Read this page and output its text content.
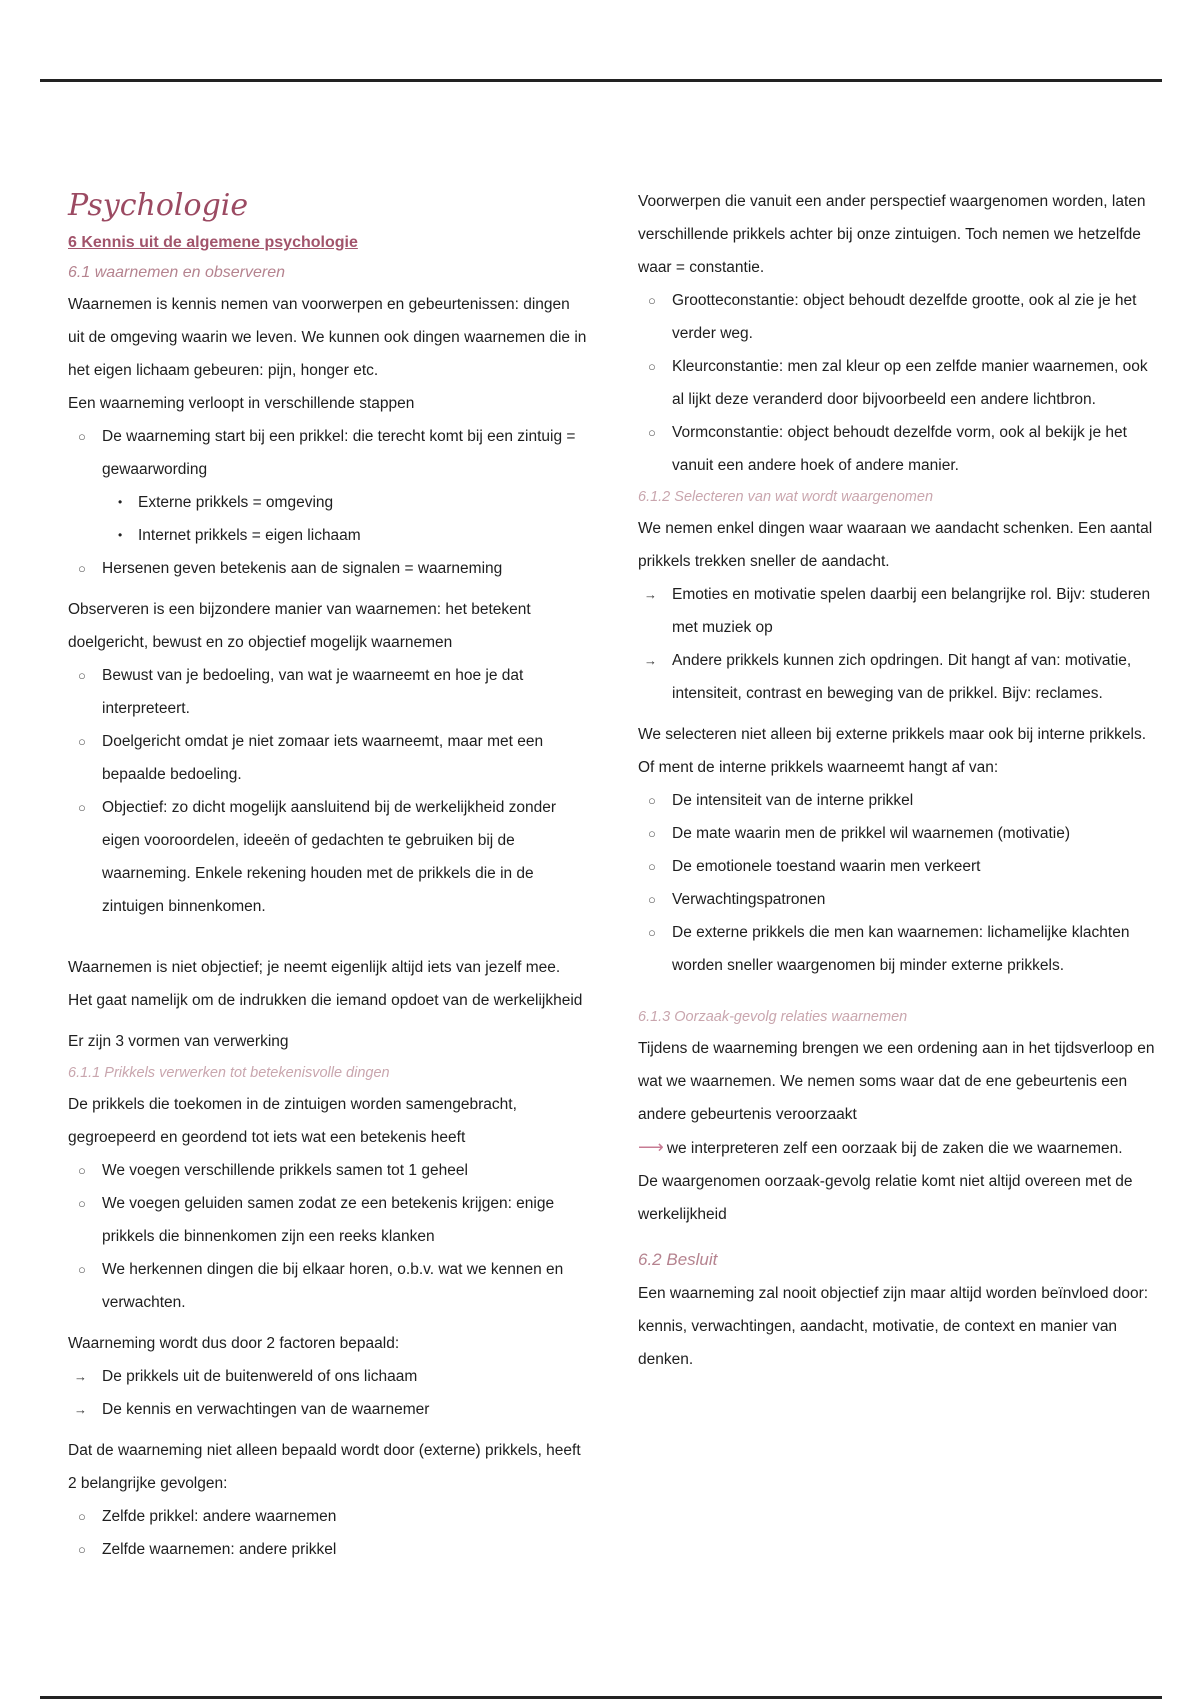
Psychologie

6 Kennis uit de algemene psychologie

6.1 waarnemen en observeren

Waarnemen is kennis nemen van voorwerpen en gebeurtenissen: dingen uit de omgeving waarin we leven. We kunnen ook dingen waarnemen die in het eigen lichaam gebeuren: pijn, honger etc.

Een waarneming verloopt in verschillende stappen

○ De waarneming start bij een prikkel: die terecht komt bij een zintuig = gewaarwording
• Externe prikkels = omgeving
• Internet prikkels = eigen lichaam
○ Hersenen geven betekenis aan de signalen = waarneming

Observeren is een bijzondere manier van waarnemen: het betekent doelgericht, bewust en zo objectief mogelijk waarnemen

○ Bewust van je bedoeling, van wat je waarneemt en hoe je dat interpreteert.
○ Doelgericht omdat je niet zomaar iets waarneemt, maar met een bepaalde bedoeling.
○ Objectief: zo dicht mogelijk aansluitend bij de werkelijkheid zonder eigen vooroordelen, ideeën of gedachten te gebruiken bij de waarneming. Enkele rekening houden met de prikkels die in de zintuigen binnenkomen.

Waarnemen is niet objectief; je neemt eigenlijk altijd iets van jezelf mee. Het gaat namelijk om de indrukken die iemand opdoet van de werkelijkheid

Er zijn 3 vormen van verwerking

6.1.1 Prikkels verwerken tot betekenisvolle dingen

De prikkels die toekomen in de zintuigen worden samengebracht, gegroepeerd en geordend tot iets wat een betekenis heeft

○ We voegen verschillende prikkels samen tot 1 geheel
○ We voegen geluiden samen zodat ze een betekenis krijgen: enige prikkels die binnenkomen zijn een reeks klanken
○ We herkennen dingen die bij elkaar horen, o.b.v. wat we kennen en verwachten.

Waarneming wordt dus door 2 factoren bepaald:

→ De prikkels uit de buitenwereld of ons lichaam
→ De kennis en verwachtingen van de waarnemer

Dat de waarneming niet alleen bepaald wordt door (externe) prikkels, heeft 2 belangrijke gevolgen:

○ Zelfde prikkel: andere waarnemen
○ Zelfde waarnemen: andere prikkel

Voorwerpen die vanuit een ander perspectief waargenomen worden, laten verschillende prikkels achter bij onze zintuigen. Toch nemen we hetzelfde waar = constantie.

○ Grootteconstantie: object behoudt dezelfde grootte, ook al zie je het verder weg.
○ Kleurconstantie: men zal kleur op een zelfde manier waarnemen, ook al lijkt deze veranderd door bijvoorbeeld een andere lichtbron.
○ Vormconstantie: object behoudt dezelfde vorm, ook al bekijk je het vanuit een andere hoek of andere manier.

6.1.2 Selecteren van wat wordt waargenomen

We nemen enkel dingen waar waaraan we aandacht schenken. Een aantal prikkels trekken sneller de aandacht.

→ Emoties en motivatie spelen daarbij een belangrijke rol. Bijv: studeren met muziek op
→ Andere prikkels kunnen zich opdringen. Dit hangt af van: motivatie, intensiteit, contrast en beweging van de prikkel. Bijv: reclames.

We selecteren niet alleen bij externe prikkels maar ook bij interne prikkels. Of ment de interne prikkels waarneemt hangt af van:

○ De intensiteit van de interne prikkel
○ De mate waarin men de prikkel wil waarnemen (motivatie)
○ De emotionele toestand waarin men verkeert
○ Verwachtingspatronen
○ De externe prikkels die men kan waarnemen: lichamelijke klachten worden sneller waargenomen bij minder externe prikkels.

6.1.3 Oorzaak-gevolg relaties waarnemen

Tijdens de waarneming brengen we een ordening aan in het tijdsverloop en wat we waarnemen. We nemen soms waar dat de ene gebeurtenis een andere gebeurtenis veroorzaakt

⟶ we interpreteren zelf een oorzaak bij de zaken die we waarnemen.

De waargenomen oorzaak-gevolg relatie komt niet altijd overeen met de werkelijkheid

6.2 Besluit

Een waarneming zal nooit objectief zijn maar altijd worden beïnvloed door: kennis, verwachtingen, aandacht, motivatie, de context en manier van denken.
